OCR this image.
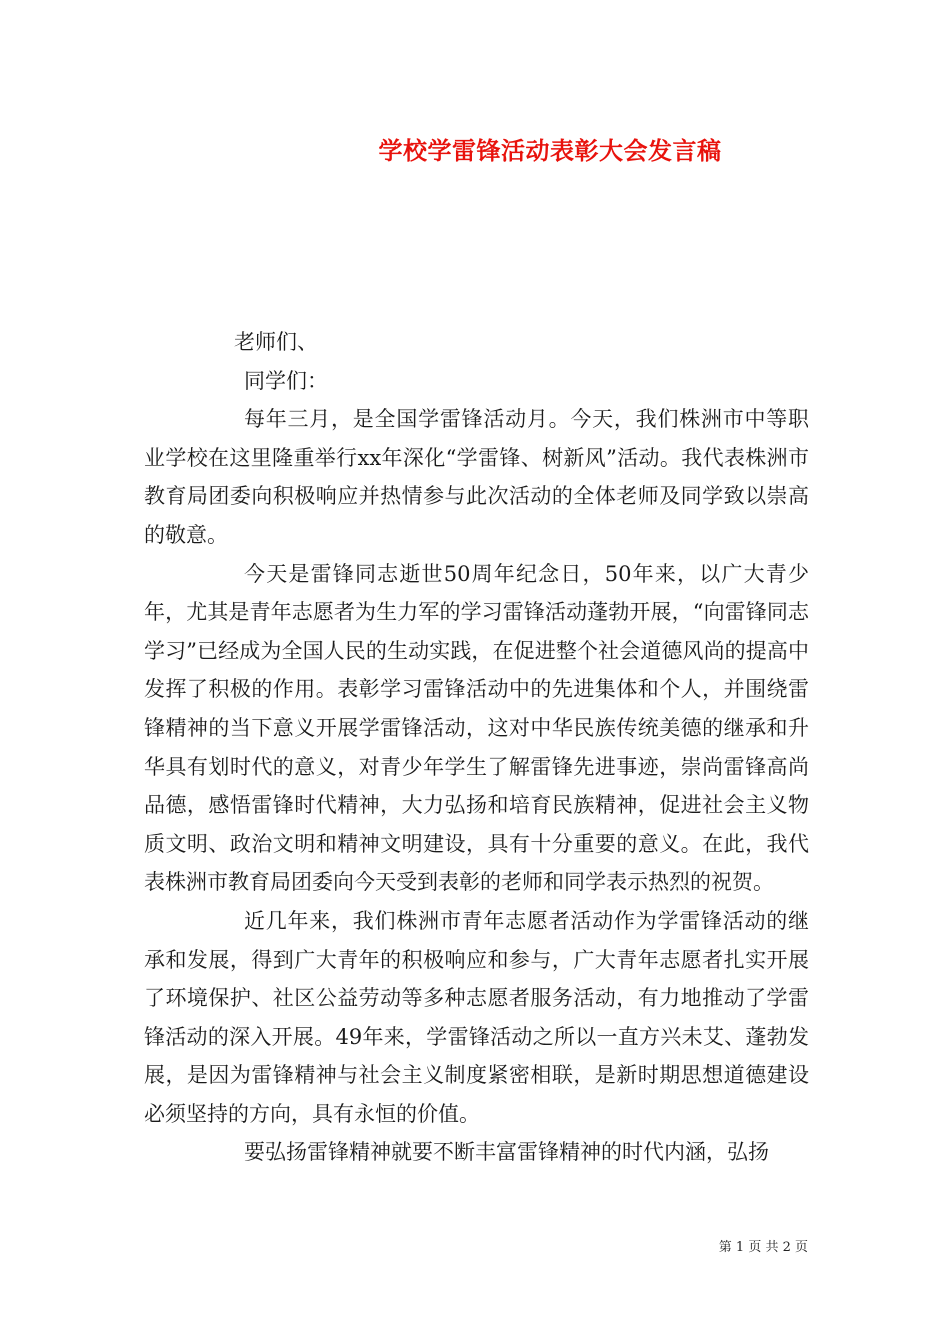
学校学雷锋活动表彰大会发言稿

老师们、

同学们：

每年三月，是全国学雷锋活动月。今天，我们株洲市中等职业学校在这里隆重举行xx年深化“学雷锋、树新风”活动。我代表株洲市教育局团委向积极响应并热情参与此次活动的全体老师及同学致以崇高的敬意。

今天是雷锋同志逝世50周年纪念日，50年来，以广大青少年，尤其是青年志愿者为生力军的学习雷锋活动蓬勃开展，“向雷锋同志学习”已经成为全国人民的生动实践，在促进整个社会道德风尚的提高中发挥了积极的作用。表彰学习雷锋活动中的先进集体和个人，并围绕雷锋精神的当下意义开展学雷锋活动，这对中华民族传统美德的继承和升华具有划时代的意义，对青少年学生了解雷锋先进事迹，崇尚雷锋高尚品德，感悟雷锋时代精神，大力弘扬和培育民族精神，促进社会主义物质文明、政治文明和精神文明建设，具有十分重要的意义。在此，我代表株洲市教育局团委向今天受到表彰的老师和同学表示热烈的祝贺。

近几年来，我们株洲市青年志愿者活动作为学雷锋活动的继承和发展，得到广大青年的积极响应和参与，广大青年志愿者扎实开展了环境保护、社区公益劳动等多种志愿者服务活动，有力地推动了学雷锋活动的深入开展。49年来，学雷锋活动之所以一直方兴未艾、蓬勃发展，是因为雷锋精神与社会主义制度紧密相联，是新时期思想道德建设必须坚持的方向，具有永恒的价值。

要弘扬雷锋精神就要不断丰富雷锋精神的时代内涵，弘扬

第 1 页 共 2 页
